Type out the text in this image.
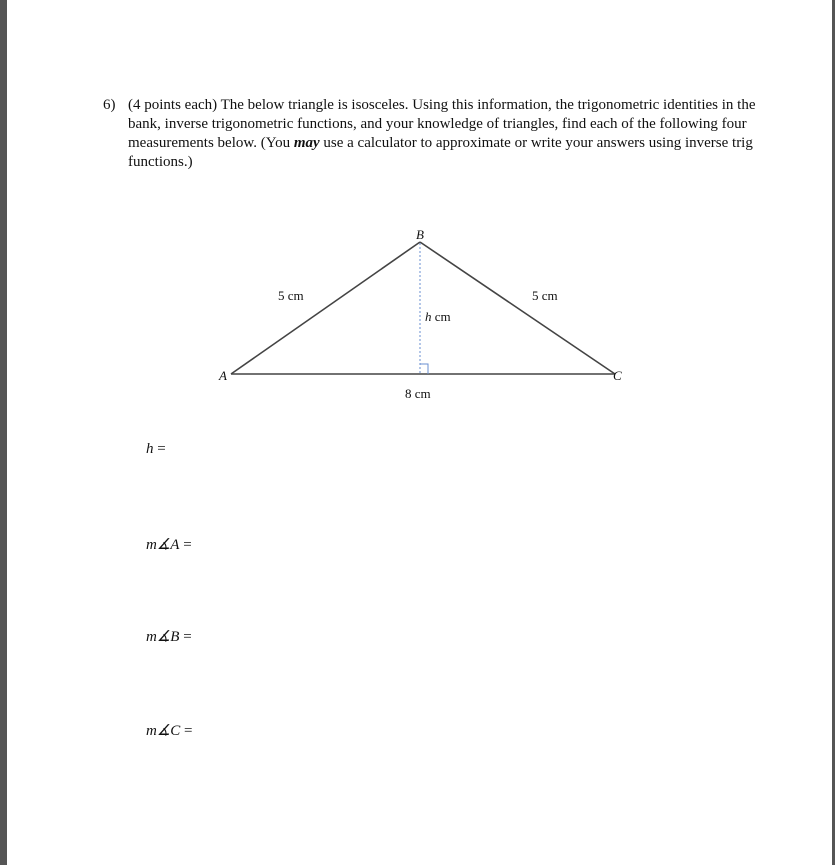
6) (4 points each) The below triangle is isosceles. Using this information, the trigonometric identities in the bank, inverse trigonometric functions, and your knowledge of triangles, find each of the following four measurements below. (You may use a calculator to approximate or write your answers using inverse trig functions.)
B
A	C
5 cm	5 cm
8 cm
h cm
h =
m∡A =
m∡B =
m∡C =
